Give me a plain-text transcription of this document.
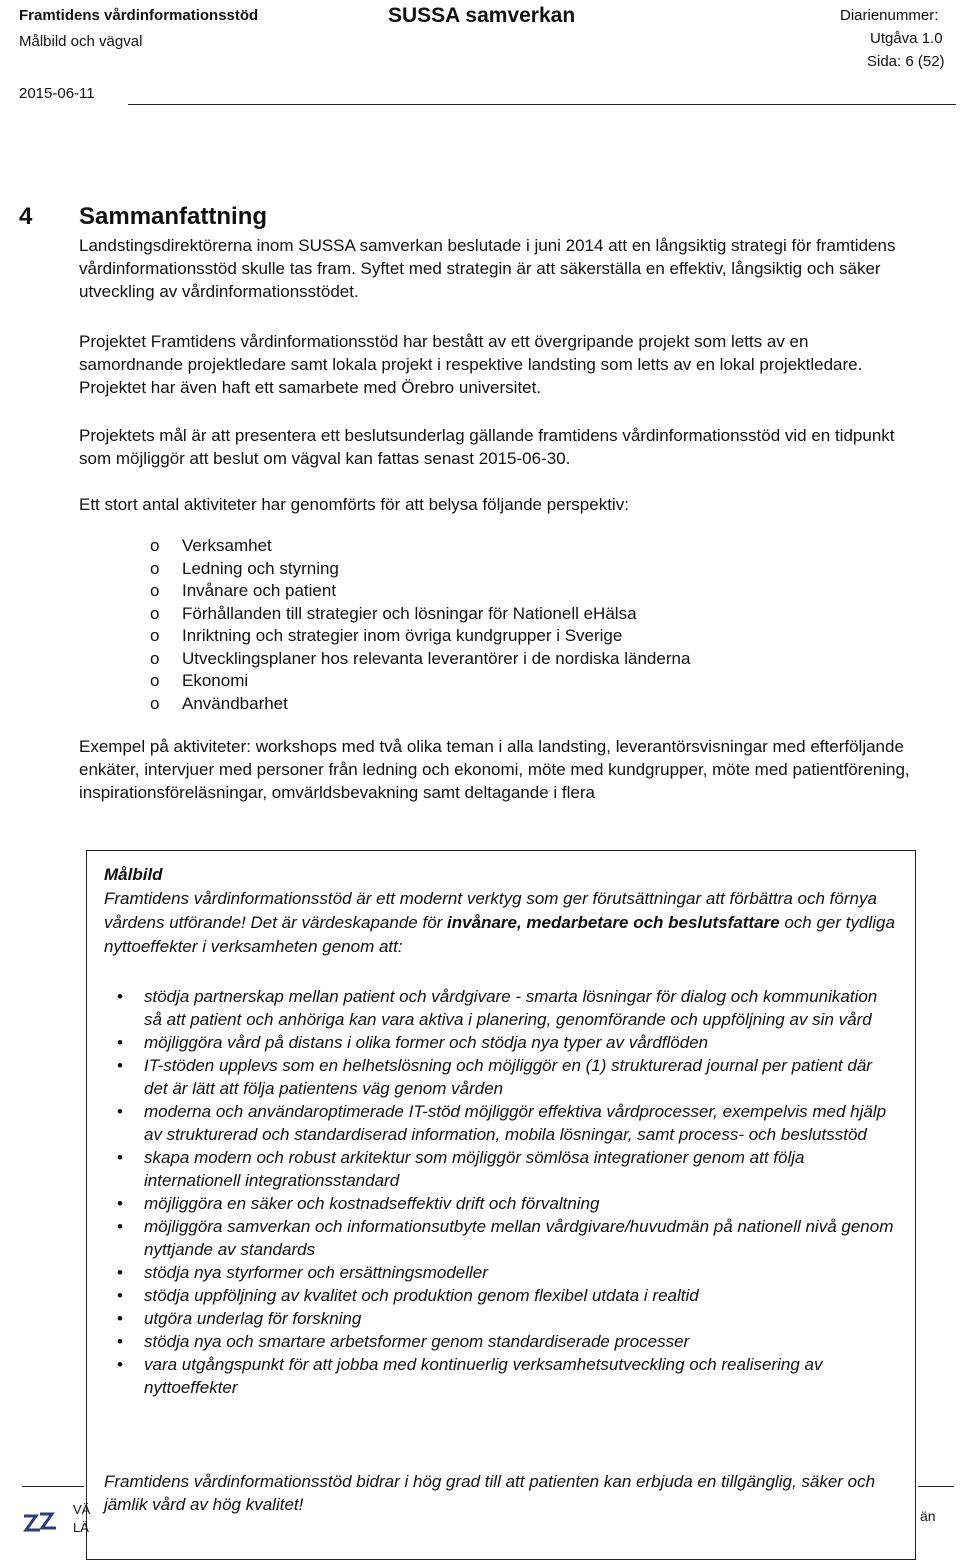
Framtidens vårdinformationsstöd
Målbild och vägval
2015-06-11
SUSSA samverkan	Diarienummer:
Utgåva 1.0
Sida: 6 (52)
4 Sammanfattning
Landstingsdirektörerna inom SUSSA samverkan beslutade i juni 2014 att en långsiktig strategi för framtidens vårdinformationsstöd skulle tas fram. Syftet med strategin är att säkerställa en effektiv, långsiktig och säker utveckling av vårdinformationsstödet.
Projektet Framtidens vårdinformationsstöd har bestått av ett övergripande projekt som letts av en samordnande projektledare samt lokala projekt i respektive landsting som letts av en lokal projektledare. Projektet har även haft ett samarbete med Örebro universitet.
Projektets mål är att presentera ett beslutsunderlag gällande framtidens vårdinformationsstöd vid en tidpunkt som möjliggör att beslut om vägval kan fattas senast 2015-06-30.
Ett stort antal aktiviteter har genomförts för att belysa följande perspektiv:
o Verksamhet
o Ledning och styrning
o Invånare och patient
o Förhållanden till strategier och lösningar för Nationell eHälsa
o Inriktning och strategier inom övriga kundgrupper i Sverige
o Utvecklingsplaner hos relevanta leverantörer i de nordiska länderna
o Ekonomi
o Användbarhet
Exempel på aktiviteter: workshops med två olika teman i alla landsting, leverantörsvisningar med efterföljande enkäter, intervjuer med personer från ledning och ekonomi, möte med kundgrupper, möte med patientförening, inspirationsföreläsningar, omvärldsbevakning samt deltagande i flera
Målbild
Framtidens vårdinformationsstöd är ett modernt verktyg som ger förutsättningar att förbättra och förnya vårdens utförande! Det är värdeskapande för invånare, medarbetare och beslutsfattare och ger tydliga nyttoeffekter i verksamheten genom att:
• stödja partnerskap mellan patient och vårdgivare - smarta lösningar för dialog och kommunikation så att patient och anhöriga kan vara aktiva i planering, genomförande och uppföljning av sin vård
• möjliggöra vård på distans i olika former och stödja nya typer av vårdflöden
• IT-stöden upplevs som en helhetslösning och möjliggör en (1) strukturerad journal per patient där det är lätt att följa patientens väg genom vården
• moderna och användaroptimerade IT-stöd möjliggör effektiva vårdprocesser, exempelvis med hjälp av strukturerad och standardiserad information, mobila lösningar, samt process- och beslutsstöd
• skapa modern och robust arkitektur som möjliggör sömlösa integrationer genom att följa internationell integrationsstandard
• möjliggöra en säker och kostnadseffektiv drift och förvaltning
• möjliggöra samverkan och informationsutbyte mellan vårdgivare/huvudmän på nationell nivå genom nyttjande av standards
• stödja nya styrformer och ersättningsmodeller
• stödja uppföljning av kvalitet och produktion genom flexibel utdata i realtid
• utgöra underlag för forskning
• stödja nya och smartare arbetsformer genom standardiserade processer
• vara utgångspunkt för att jobba med kontinuerlig verksamhetsutveckling och realisering av nyttoeffekter
Framtidens vårdinformationsstöd bidrar i hög grad till att patienten kan erbjuda en tillgänglig, säker och jämlik vård av hög kvalitet!
VÄ
LÄ
än
